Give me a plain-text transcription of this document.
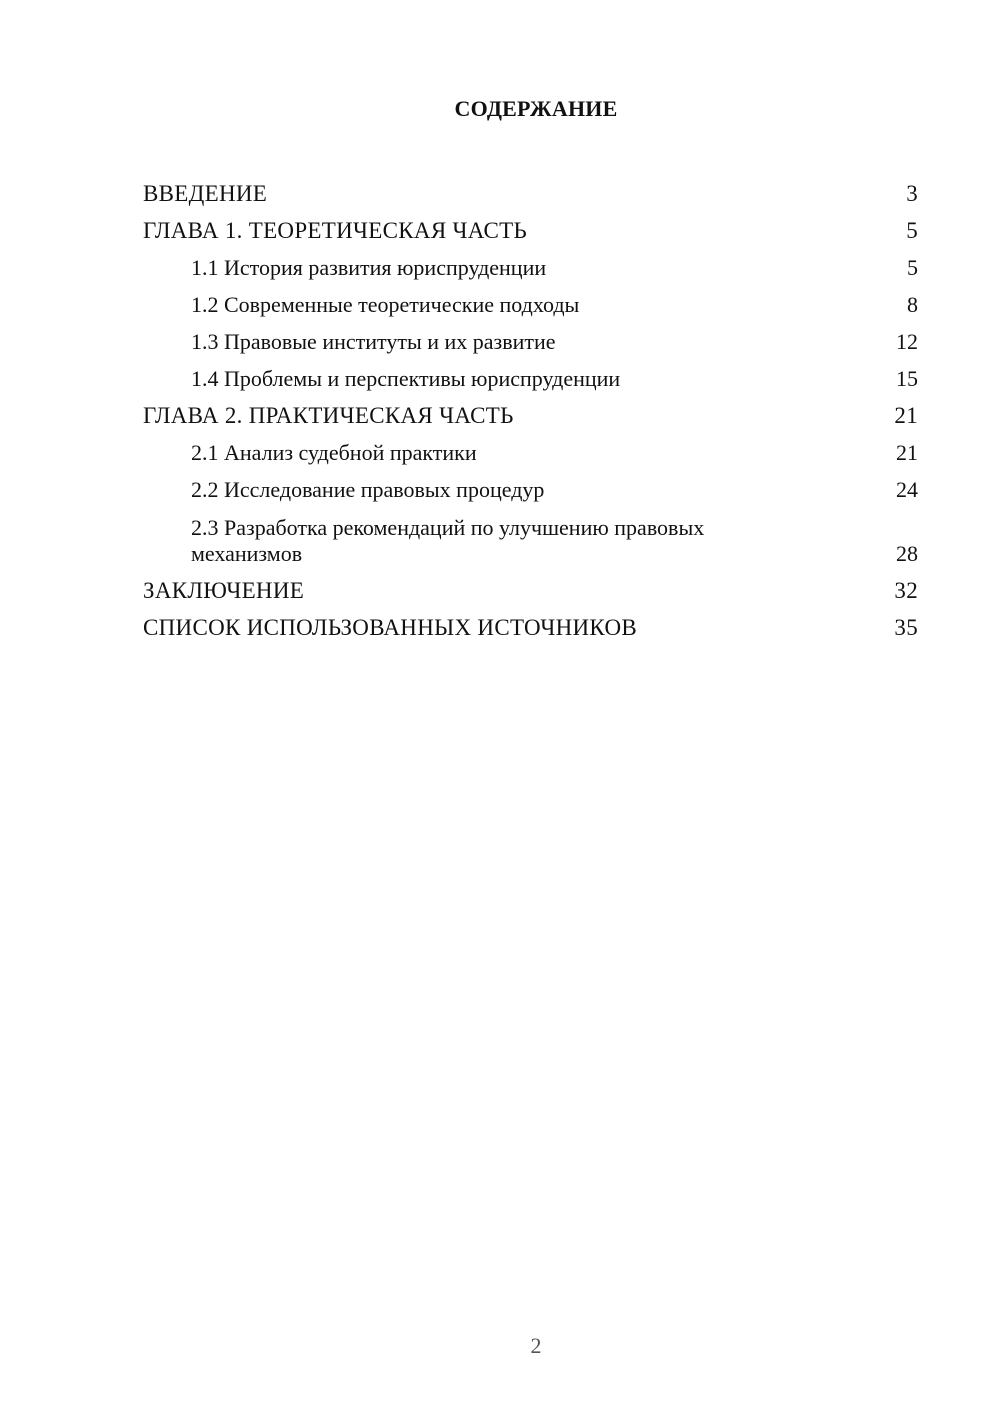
СОДЕРЖАНИЕ
ВВЕДЕНИЕ	3
ГЛАВА 1. ТЕОРЕТИЧЕСКАЯ ЧАСТЬ	5
1.1 История развития юриспруденции	5
1.2 Современные теоретические подходы	8
1.3 Правовые институты и их развитие	12
1.4 Проблемы и перспективы юриспруденции	15
ГЛАВА 2. ПРАКТИЧЕСКАЯ ЧАСТЬ	21
2.1 Анализ судебной практики	21
2.2 Исследование правовых процедур	24
2.3 Разработка рекомендаций по улучшению правовых механизмов	28
ЗАКЛЮЧЕНИЕ	32
СПИСОК ИСПОЛЬЗОВАННЫХ ИСТОЧНИКОВ	35
2
